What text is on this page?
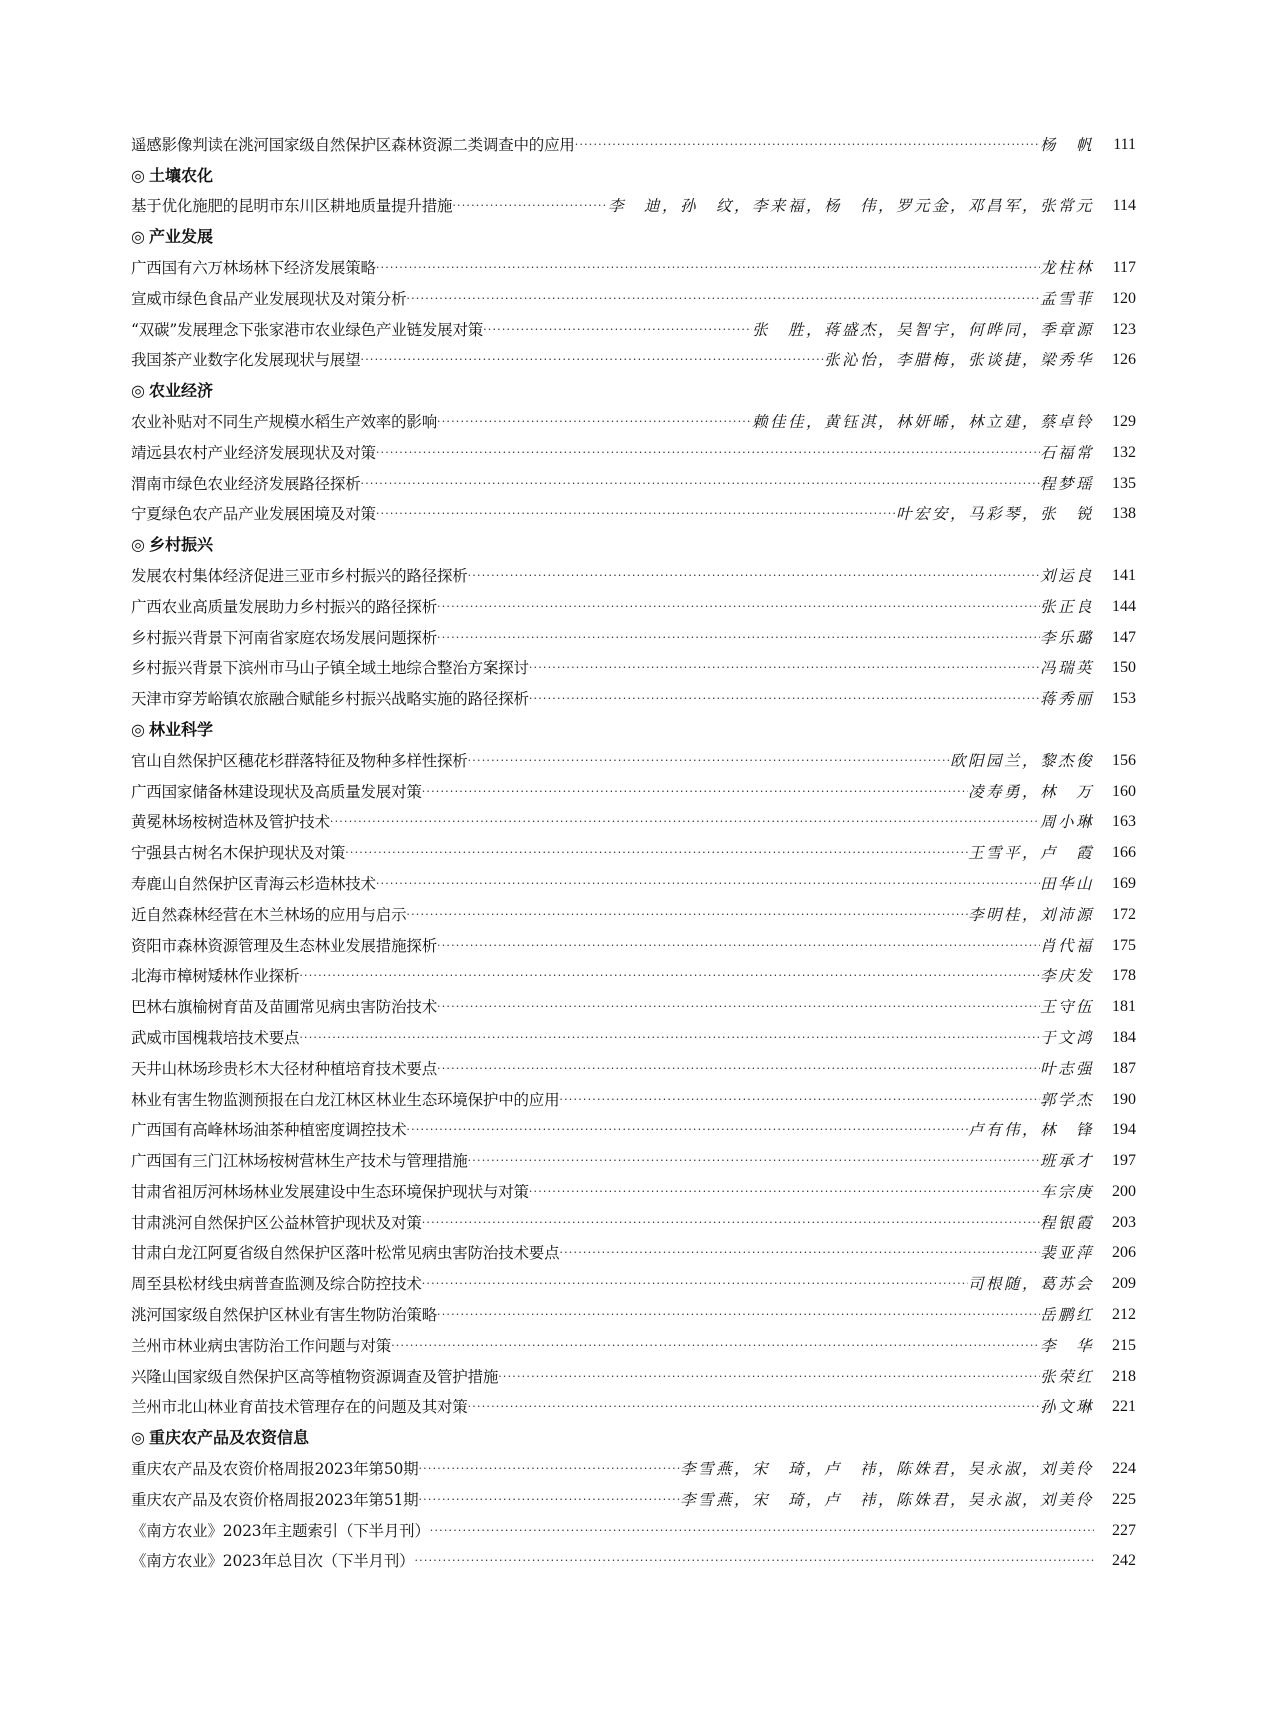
遥感影像判读在洮河国家级自然保护区森林资源二类调查中的应用 ·····	杨　帆	111
◎ 土壤农化
基于优化施肥的昆明市东川区耕地质量提升措施 ·····	李　迪，孙　纹，李来福，杨　伟，罗元金，邓昌军，张常元	114
◎ 产业发展
广西国有六万林场林下经济发展策略 ·····	龙柱林	117
宣威市绿色食品产业发展现状及对策分析 ·····	孟雪菲	120
“双碳”发展理念下张家港市农业绿色产业链发展对策 ·····	张　胜，蒋盛杰，吴智宇，何晔同，季章源	123
我国茶产业数字化发展现状与展望 ·····	张沁怡，李腊梅，张谈捷，梁秀华	126
◎ 农业经济
农业补贴对不同生产规模水稻生产效率的影响 ·····	赖佳佳，黄钰淇，林妍晞，林立建，蔡卓铃	129
靖远县农村产业经济发展现状及对策 ·····	石福常	132
渭南市绿色农业经济发展路径探析 ·····	程梦瑶	135
宁夏绿色农产品产业发展困境及对策 ·····	叶宏安，马彩琴，张　锐	138
◎ 乡村振兴
发展农村集体经济促进三亚市乡村振兴的路径探析 ·····	刘运良	141
广西农业高质量发展助力乡村振兴的路径探析 ·····	张正良	144
乡村振兴背景下河南省家庭农场发展问题探析 ·····	李乐璐	147
乡村振兴背景下滨州市马山子镇全域土地综合整治方案探讨 ·····	冯瑞英	150
天津市穿芳峪镇农旅融合赋能乡村振兴战略实施的路径探析 ·····	蒋秀丽	153
◎ 林业科学
官山自然保护区穗花杉群落特征及物种多样性探析 ·····	欧阳园兰，黎杰俊	156
广西国家储备林建设现状及高质量发展对策 ·····	凌寿勇，林　万	160
黄冕林场桉树造林及管护技术 ·····	周小琳	163
宁强县古树名木保护现状及对策 ·····	王雪平，卢　霞	166
寿鹿山自然保护区青海云杉造林技术 ·····	田华山	169
近自然森林经营在木兰林场的应用与启示 ·····	李明桂，刘沛源	172
资阳市森林资源管理及生态林业发展措施探析 ·····	肖代福	175
北海市樟树矮林作业探析 ·····	李庆发	178
巴林右旗榆树育苗及苗圃常见病虫害防治技术 ·····	王守伍	181
武威市国槐栽培技术要点 ·····	于文鸿	184
天井山林场珍贵杉木大径材种植培育技术要点 ·····	叶志强	187
林业有害生物监测预报在白龙江林区林业生态环境保护中的应用 ·····	郭学杰	190
广西国有高峰林场油茶种植密度调控技术 ·····	卢有伟，林　锋	194
广西国有三门江林场桉树营林生产技术与管理措施 ·····	班承才	197
甘肃省祖厉河林场林业发展建设中生态环境保护现状与对策 ·····	车宗庚	200
甘肃洮河自然保护区公益林管护现状及对策 ·····	程银霞	203
甘肃白龙江阿夏省级自然保护区落叶松常见病虫害防治技术要点 ·····	裴亚萍	206
周至县松材线虫病普查监测及综合防控技术 ·····	司根随，葛苏会	209
洮河国家级自然保护区林业有害生物防治策略 ·····	岳鹏红	212
兰州市林业病虫害防治工作问题与对策 ·····	李　华	215
兴隆山国家级自然保护区高等植物资源调查及管护措施 ·····	张荣红	218
兰州市北山林业育苗技术管理存在的问题及其对策 ·····	孙文琳	221
◎ 重庆农产品及农资信息
重庆农产品及农资价格周报2023年第50期 ·····	李雪燕，宋　琦，卢　祎，陈姝君，吴永淑，刘美伶	224
重庆农产品及农资价格周报2023年第51期 ·····	李雪燕，宋　琦，卢　祎，陈姝君，吴永淑，刘美伶	225
《南方农业》2023年主题索引（下半月刊） ·····	227
《南方农业》2023年总目次（下半月刊） ·····	242
